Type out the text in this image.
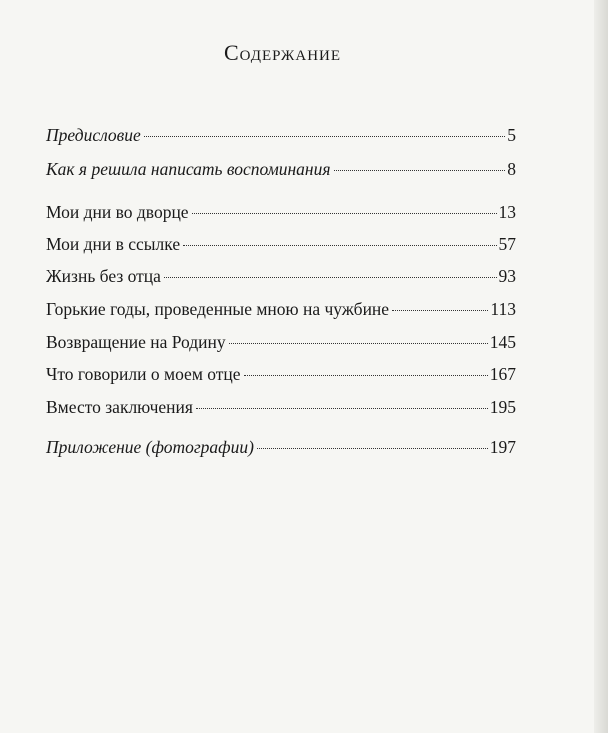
Содержание
Предисловие	5
Как я решила написать воспоминания	8
Мои дни во дворце	13
Мои дни в ссылке	57
Жизнь без отца	93
Горькие годы, проведенные мною на чужбине	113
Возвращение на Родину	145
Что говорили о моем отце	167
Вместо заключения	195
Приложение (фотографии)	197
